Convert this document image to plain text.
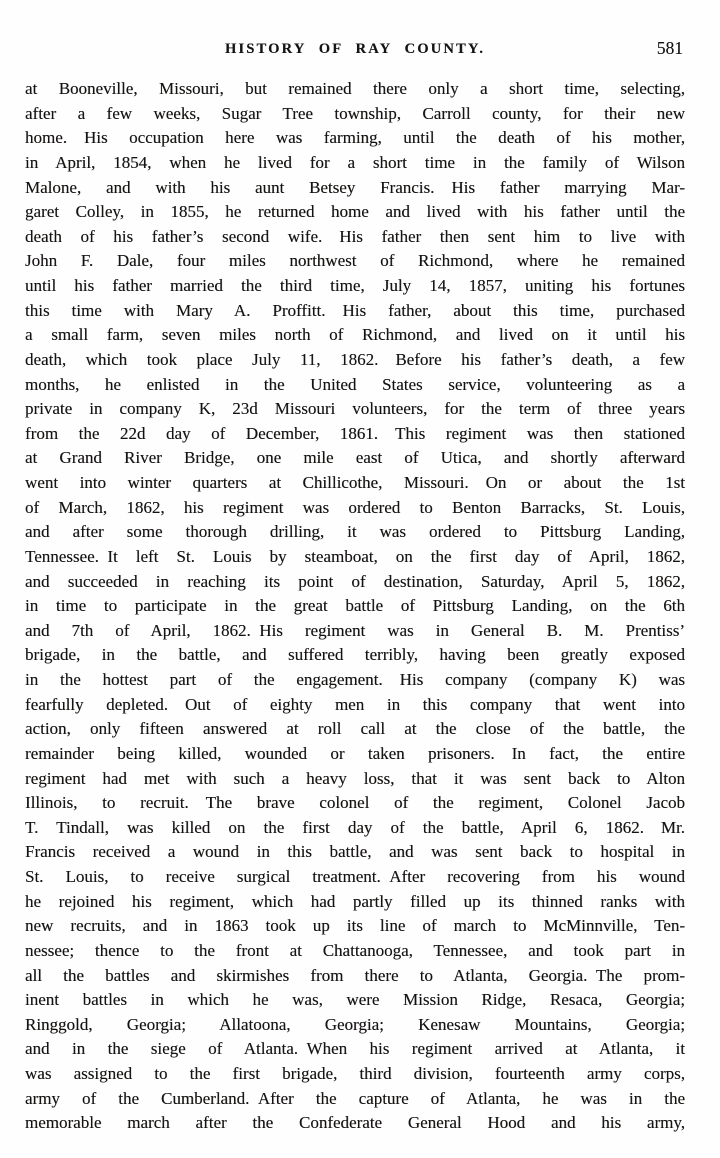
HISTORY OF RAY COUNTY.	581
at Booneville, Missouri, but remained there only a short time, selecting,
after a few weeks, Sugar Tree township, Carroll county, for their new
home. His occupation here was farming, until the death of his mother,
in April, 1854, when he lived for a short time in the family of Wilson
Malone, and with his aunt Betsey Francis. His father marrying Mar-
garet Colley, in 1855, he returned home and lived with his father until the
death of his father’s second wife. His father then sent him to live with
John F. Dale, four miles northwest of Richmond, where he remained
until his father married the third time, July 14, 1857, uniting his fortunes
this time with Mary A. Proffitt. His father, about this time, purchased
a small farm, seven miles north of Richmond, and lived on it until his
death, which took place July 11, 1862. Before his father’s death, a few
months, he enlisted in the United States service, volunteering as a
private in company K, 23d Missouri volunteers, for the term of three years
from the 22d day of December, 1861. This regiment was then stationed
at Grand River Bridge, one mile east of Utica, and shortly afterward
went into winter quarters at Chillicothe, Missouri. On or about the 1st
of March, 1862, his regiment was ordered to Benton Barracks, St. Louis,
and after some thorough drilling, it was ordered to Pittsburg Landing,
Tennessee. It left St. Louis by steamboat, on the first day of April, 1862,
and succeeded in reaching its point of destination, Saturday, April 5, 1862,
in time to participate in the great battle of Pittsburg Landing, on the 6th
and 7th of April, 1862. His regiment was in General B. M. Prentiss’
brigade, in the battle, and suffered terribly, having been greatly exposed
in the hottest part of the engagement. His company (company K) was
fearfully depleted. Out of eighty men in this company that went into
action, only fifteen answered at roll call at the close of the battle, the
remainder being killed, wounded or taken prisoners. In fact, the entire
regiment had met with such a heavy loss, that it was sent back to Alton
Illinois, to recruit. The brave colonel of the regiment, Colonel Jacob
T. Tindall, was killed on the first day of the battle, April 6, 1862. Mr.
Francis received a wound in this battle, and was sent back to hospital in
St. Louis, to receive surgical treatment. After recovering from his wound
he rejoined his regiment, which had partly filled up its thinned ranks with
new recruits, and in 1863 took up its line of march to McMinnville, Ten-
nessee; thence to the front at Chattanooga, Tennessee, and took part in
all the battles and skirmishes from there to Atlanta, Georgia. The prom-
inent battles in which he was, were Mission Ridge, Resaca, Georgia;
Ringgold, Georgia; Allatoona, Georgia; Kenesaw Mountains, Georgia;
and in the siege of Atlanta. When his regiment arrived at Atlanta, it
was assigned to the first brigade, third division, fourteenth army corps,
army of the Cumberland. After the capture of Atlanta, he was in the
memorable march after the Confederate General Hood and his army,
